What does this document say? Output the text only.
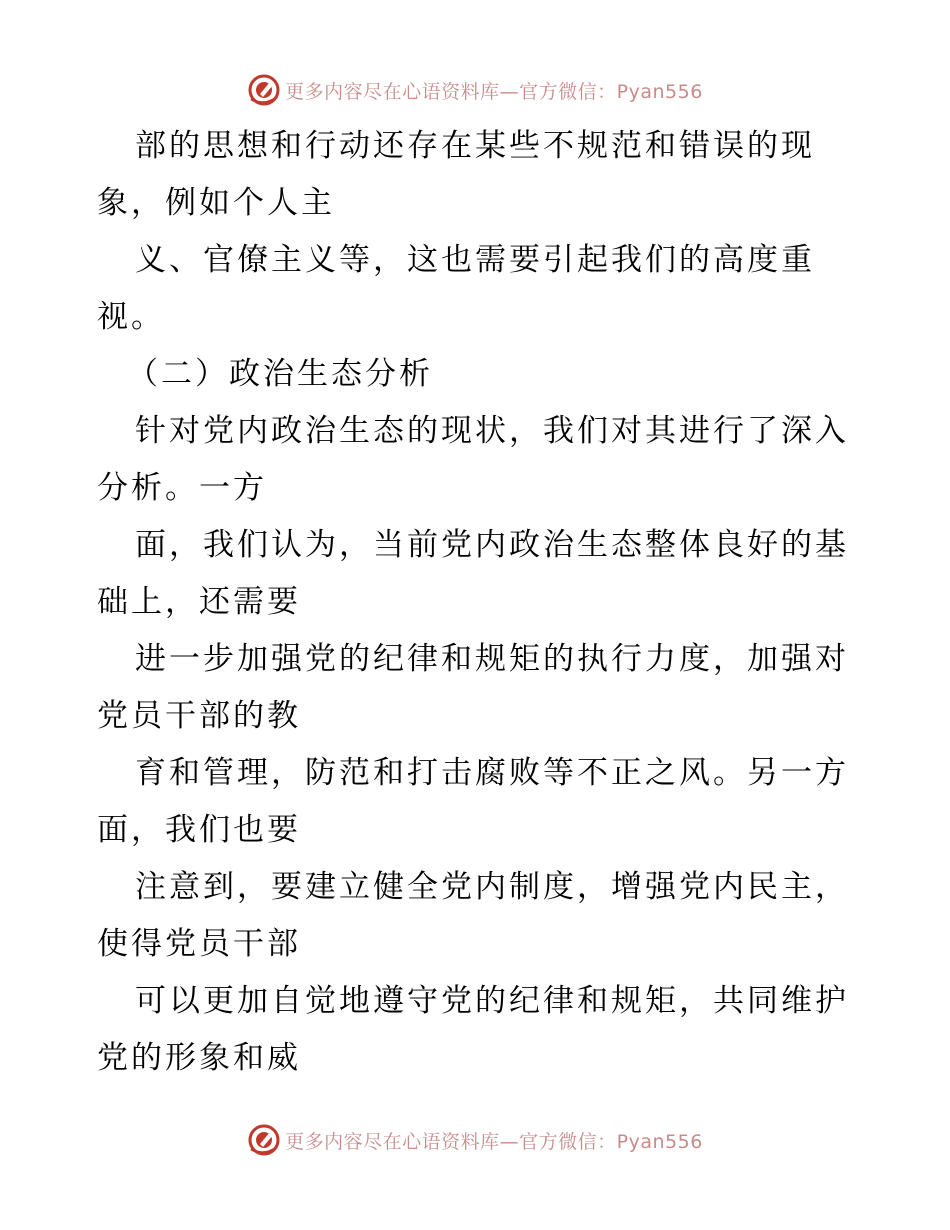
更多内容尽在心语资料库—官方微信：Pyan556
部的思想和行动还存在某些不规范和错误的现
象，例如个人主
义、官僚主义等，这也需要引起我们的高度重
视。
（二）政治生态分析
针对党内政治生态的现状，我们对其进行了深入
分析。一方
面，我们认为，当前党内政治生态整体良好的基
础上，还需要
进一步加强党的纪律和规矩的执行力度，加强对
党员干部的教
育和管理，防范和打击腐败等不正之风。另一方
面，我们也要
注意到，要建立健全党内制度，增强党内民主，
使得党员干部
可以更加自觉地遵守党的纪律和规矩，共同维护
党的形象和威
更多内容尽在心语资料库—官方微信：Pyan556
